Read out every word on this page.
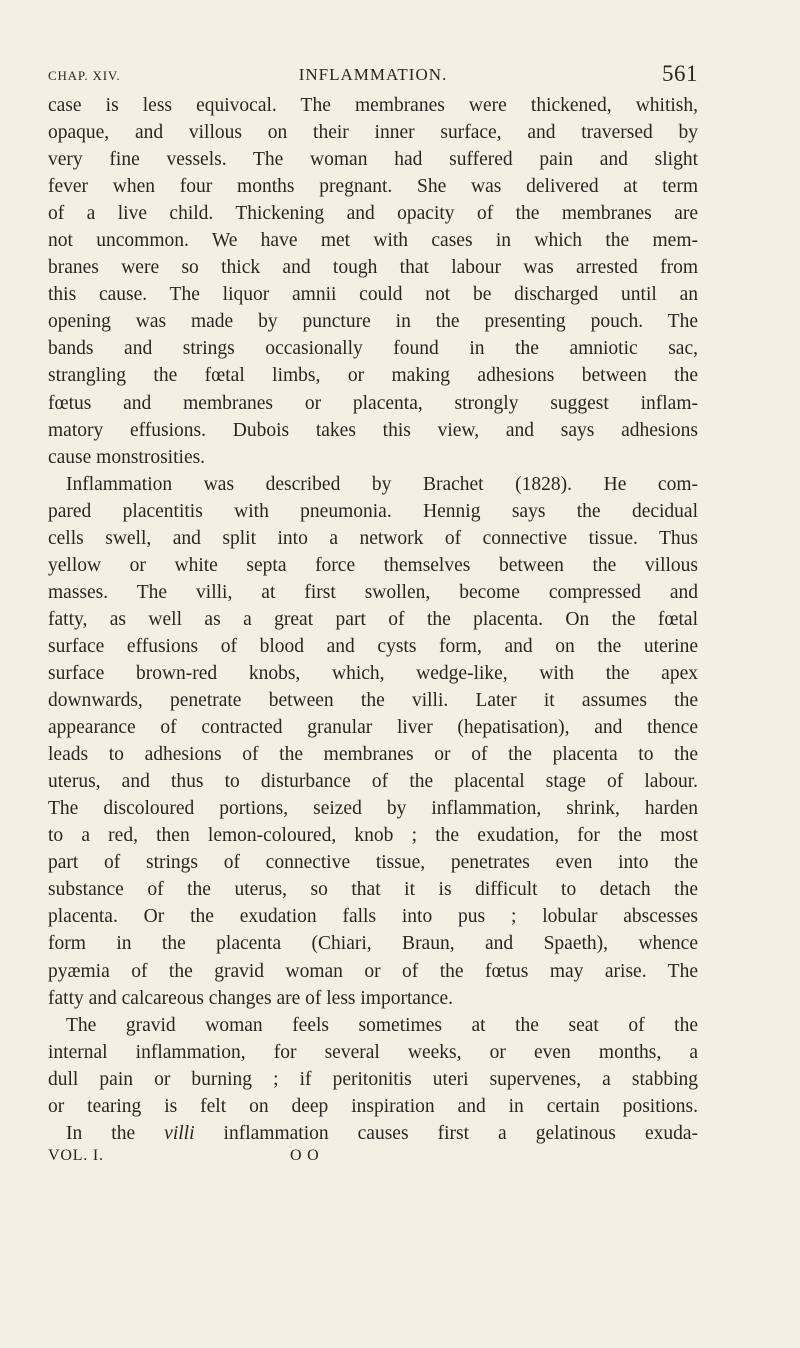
CHAP. XIV.	INFLAMMATION.	561

case is less equivocal. The membranes were thickened, whitish,
opaque, and villous on their inner surface, and traversed by
very fine vessels. The woman had suffered pain and slight
fever when four months pregnant. She was delivered at term
of a live child. Thickening and opacity of the membranes are
not uncommon. We have met with cases in which the mem-
branes were so thick and tough that labour was arrested from
this cause. The liquor amnii could not be discharged until an
opening was made by puncture in the presenting pouch. The
bands and strings occasionally found in the amniotic sac,
strangling the fœtal limbs, or making adhesions between the
fœtus and membranes or placenta, strongly suggest inflam-
matory effusions. Dubois takes this view, and says adhesions
cause monstrosities.

Inflammation was described by Brachet (1828). He com-
pared placentitis with pneumonia. Hennig says the decidual
cells swell, and split into a network of connective tissue. Thus
yellow or white septa force themselves between the villous
masses. The villi, at first swollen, become compressed and
fatty, as well as a great part of the placenta. On the fœtal
surface effusions of blood and cysts form, and on the uterine
surface brown-red knobs, which, wedge-like, with the apex
downwards, penetrate between the villi. Later it assumes the
appearance of contracted granular liver (hepatisation), and thence
leads to adhesions of the membranes or of the placenta to the
uterus, and thus to disturbance of the placental stage of labour.
The discoloured portions, seized by inflammation, shrink, harden
to a red, then lemon-coloured, knob ; the exudation, for the most
part of strings of connective tissue, penetrates even into the
substance of the uterus, so that it is difficult to detach the
placenta. Or the exudation falls into pus ; lobular abscesses
form in the placenta (Chiari, Braun, and Spaeth), whence
pyæmia of the gravid woman or of the fœtus may arise. The
fatty and calcareous changes are of less importance.

The gravid woman feels sometimes at the seat of the
internal inflammation, for several weeks, or even months, a
dull pain or burning ; if peritonitis uteri supervenes, a stabbing
or tearing is felt on deep inspiration and in certain positions.

In the villi inflammation causes first a gelatinous exuda-

VOL. I.	O O
